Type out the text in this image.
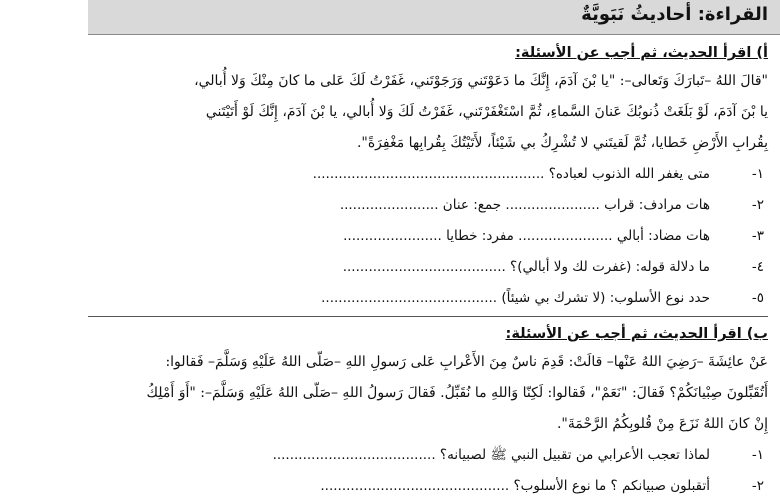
القراءة: أحاديثُ نَبَويَّةٌ
أ) اقرأ الحديث، ثم أجب عن الأسئلة:
"قالَ اللهُ –تَبارَكَ وَتَعالى–: "يا بْنَ آدَمَ، إِنَّكَ ما دَعَوْتَني وَرَجَوْتَني، غَفَرْتُ لَكَ عَلى ما كانَ مِنْكَ وَلا أُبالي،
يا بْنَ آدَمَ، لَوْ بَلَغَتْ ذُنوبُكَ عَنانَ السَّماءِ، ثُمَّ اسْتَغْفَرْتَني، غَفَرْتُ لَكَ وَلا أُبالي، يا بْنَ آدَمَ، إِنَّكَ لَوْ أَتَيْتَني
بِقُرابِ الأَرْضِ خَطايا، ثُمَّ لَقيتَني لا تُشْرِكُ بي شَيْئاً، لأَتَيْتُكَ بِقُرابِها مَغْفِرَةً".
١-
متى يغفر الله الذنوب لعباده؟ ......................................................
٢-
هات مرادف: قراب ...................... جمع: عنان .......................
٣-
هات مضاد: أبالي ...................... مفرد: خطايا .......................
٤-
ما دلالة قوله: (غفرت لك ولا أبالي)؟ ......................................
٥-
حدد نوع الأسلوب: (لا تشرك بي شيئاً) .........................................
ب) اقرأ الحديث، ثم أجب عن الأسئلة:
عَنْ عائِشَةَ –رَضِيَ اللهُ عَنْها– قالَتْ: قَدِمَ ناسٌ مِنَ الأَعْرابِ عَلى رَسولِ اللهِ –صَلّى اللهُ عَلَيْهِ وَسَلَّمَ– فَقالوا:
أَتُقَبِّلونَ صِبْيانَكُمْ؟ فَقالَ: "نَعَمْ"، فَقالوا: لَكِنّا وَاللهِ ما نُقَبِّلُ. فَقالَ رَسولُ اللهِ –صَلّى اللهُ عَلَيْهِ وَسَلَّمَ–: "أَوَ أَمْلِكُ
إِنْ كانَ اللهُ نَزَعَ مِنْ قُلوبِكُمُ الرَّحْمَةَ".
١-
لماذا تعجب الأعرابي من تقبيل النبي ﷺ لصبيانه؟ ......................................
٢-
أتقبلون صبيانكم ؟ ما نوع الأسلوب؟ ............................................
